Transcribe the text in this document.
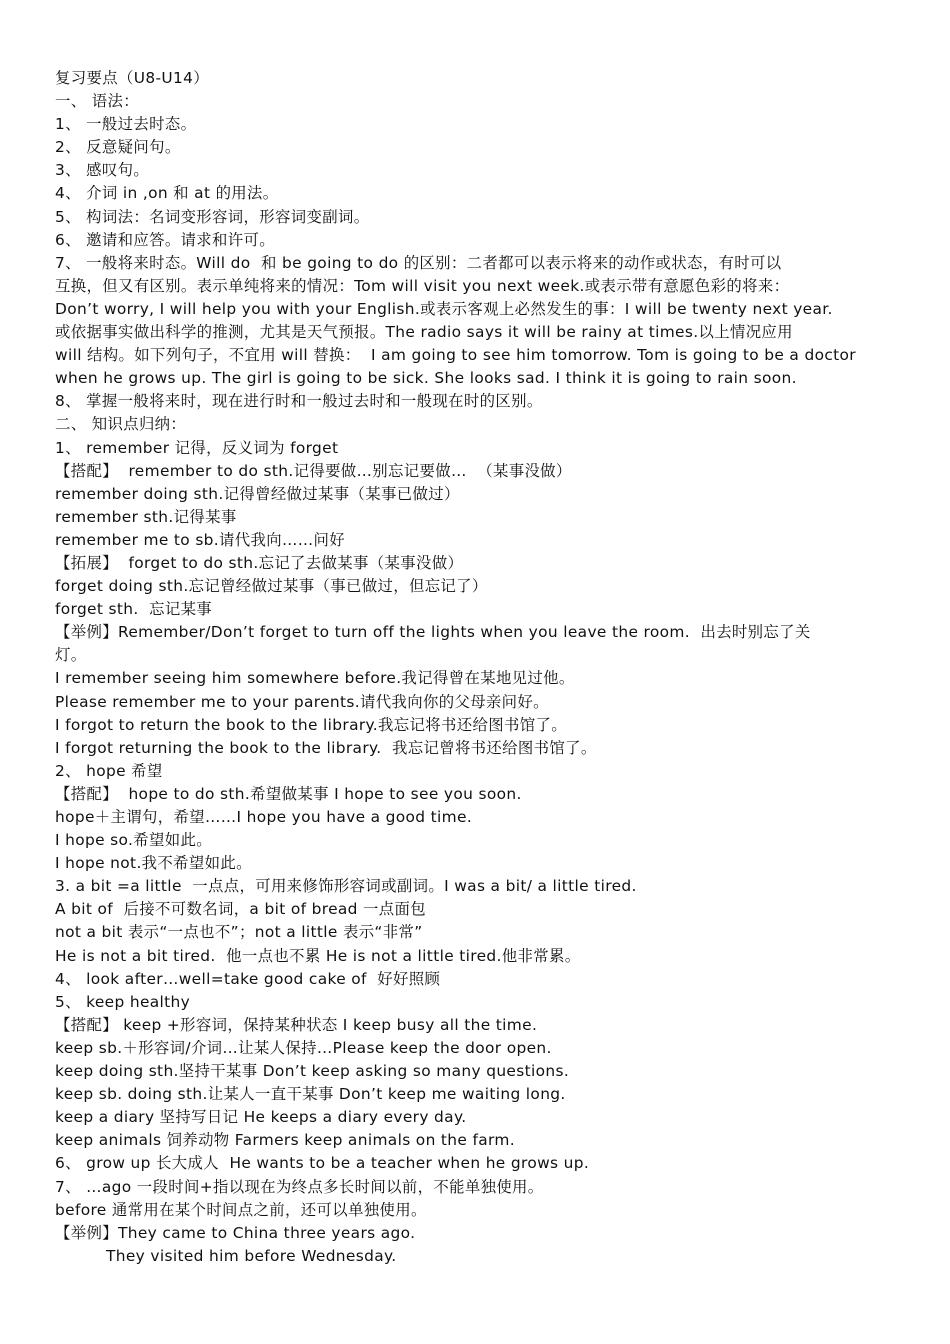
复习要点（U8-U14）
一、 语法：
1、 一般过去时态。
2、 反意疑问句。
3、 感叹句。
4、 介词 in ,on 和 at 的用法。
5、 构词法：名词变形容词，形容词变副词。
6、 邀请和应答。请求和许可。
7、 一般将来时态。Will do  和 be going to do 的区别：二者都可以表示将来的动作或状态，有时可以
互换，但又有区别。表示单纯将来的情况：Tom will visit you next week.或表示带有意愿色彩的将来：
Don’t worry, I will help you with your English.或表示客观上必然发生的事：I will be twenty next year.
或依据事实做出科学的推测，尤其是天气预报。The radio says it will be rainy at times.以上情况应用
will 结构。如下列句子，不宜用 will 替换：  I am going to see him tomorrow. Tom is going to be a doctor
when he grows up. The girl is going to be sick. She looks sad. I think it is going to rain soon.
8、 掌握一般将来时，现在进行时和一般过去时和一般现在时的区别。
二、 知识点归纳：
1、 remember 记得，反义词为 forget
【搭配】  remember to do sth.记得要做…别忘记要做…  （某事没做）
remember doing sth.记得曾经做过某事（某事已做过）
remember sth.记得某事
remember me to sb.请代我向……问好
【拓展】  forget to do sth.忘记了去做某事（某事没做）
forget doing sth.忘记曾经做过某事（事已做过，但忘记了）
forget sth.  忘记某事
【举例】Remember/Don’t forget to turn off the lights when you leave the room.  出去时别忘了关
灯。
I remember seeing him somewhere before.我记得曾在某地见过他。
Please remember me to your parents.请代我向你的父母亲问好。
I forgot to return the book to the library.我忘记将书还给图书馆了。
I forgot returning the book to the library.  我忘记曾将书还给图书馆了。
2、 hope 希望
【搭配】  hope to do sth.希望做某事 I hope to see you soon.
hope＋主谓句，希望……I hope you have a good time.
I hope so.希望如此。
I hope not.我不希望如此。
3. a bit =a little  一点点，可用来修饰形容词或副词。I was a bit/ a little tired.
A bit of  后接不可数名词，a bit of bread 一点面包
not a bit 表示“一点也不”；not a little 表示“非常”
He is not a bit tired.  他一点也不累 He is not a little tired.他非常累。
4、 look after…well=take good cake of  好好照顾
5、 keep healthy
【搭配】 keep +形容词，保持某种状态 I keep busy all the time.
keep sb.＋形容词/介词…让某人保持…Please keep the door open.
keep doing sth.坚持干某事 Don’t keep asking so many questions.
keep sb. doing sth.让某人一直干某事 Don’t keep me waiting long.
keep a diary 坚持写日记 He keeps a diary every day.
keep animals 饲养动物 Farmers keep animals on the farm.
6、 grow up 长大成人  He wants to be a teacher when he grows up.
7、 …ago 一段时间+指以现在为终点多长时间以前，不能单独使用。
before 通常用在某个时间点之前，还可以单独使用。
【举例】They came to China three years ago.
They visited him before Wednesday.
